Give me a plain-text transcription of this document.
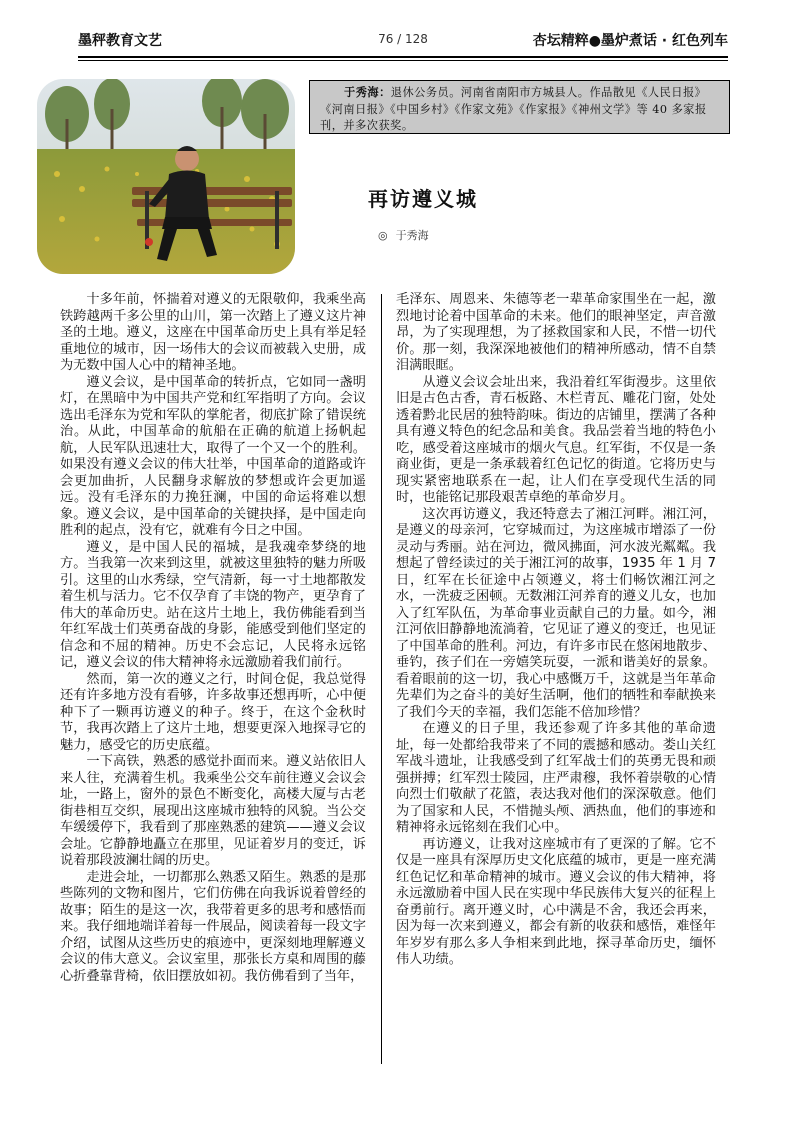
墨秤教育文艺	76 / 128	杏坛精粹●墨炉煮话 · 红色列车
于秀海：退休公务员。河南省南阳市方城县人。作品散见《人民日报》《河南日报》《中国乡村》《作家文苑》《作家报》《神州文学》等 40 多家报刊，并多次获奖。
再访遵义城
◎ 于秀海

十多年前，怀揣着对遵义的无限敬仰，我乘坐高铁跨越两千多公里的山川，第一次踏上了遵义这片神圣的土地。遵义，这座在中国革命历史上具有举足轻重地位的城市，因一场伟大的会议而被载入史册，成为无数中国人心中的精神圣地。

遵义会议，是中国革命的转折点，它如同一盏明灯，在黑暗中为中国共产党和红军指明了方向。会议选出毛泽东为党和军队的掌舵者，彻底扩除了错误统治。从此，中国革命的航船在正确的航道上扬帆起航，人民军队迅速壮大，取得了一个又一个的胜利。如果没有遵义会议的伟大壮举，中国革命的道路或许会更加曲折，人民翻身求解放的梦想或许会更加遥远。没有毛泽东的力挽狂澜，中国的命运将难以想象。遵义会议，是中国革命的关键抉择，是中国走向胜利的起点，没有它，就难有今日之中国。

遵义，是中国人民的福城，是我魂牵梦绕的地方。当我第一次来到这里，就被这里独特的魅力所吸引。这里的山水秀绿，空气清新，每一寸土地都散发着生机与活力。它不仅孕育了丰饶的物产，更孕育了伟大的革命历史。站在这片土地上，我仿佛能看到当年红军战士们英勇奋战的身影，能感受到他们坚定的信念和不屈的精神。历史不会忘记，人民将永远铭记，遵义会议的伟大精神将永远激励着我们前行。

然而，第一次的遵义之行，时间仓促，我总觉得还有许多地方没有看够，许多故事还想再听，心中便种下了一颗再访遵义的种子。终于，在这个金秋时节，我再次踏上了这片土地，想要更深入地探寻它的魅力，感受它的历史底蕴。

一下高铁，熟悉的感觉扑面而来。遵义站依旧人来人往，充满着生机。我乘坐公交车前往遵义会议会址，一路上，窗外的景色不断变化，高楼大厦与古老街巷相互交织，展现出这座城市独特的风貌。当公交车缓缓停下，我看到了那座熟悉的建筑——遵义会议会址。它静静地矗立在那里，见证着岁月的变迁，诉说着那段波澜壮阔的历史。

走进会址，一切都那么熟悉又陌生。熟悉的是那些陈列的文物和图片，它们仿佛在向我诉说着曾经的故事；陌生的是这一次，我带着更多的思考和感悟而来。我仔细地端详着每一件展品，阅读着每一段文字介绍，试图从这些历史的痕迹中，更深刻地理解遵义会议的伟大意义。会议室里，那张长方桌和周围的藤心折叠靠背椅，依旧摆放如初。我仿佛看到了当年，

毛泽东、周恩来、朱德等老一辈革命家围坐在一起，激烈地讨论着中国革命的未来。他们的眼神坚定，声音激昂，为了实现理想，为了拯救国家和人民，不惜一切代价。那一刻，我深深地被他们的精神所感动，情不自禁泪满眼眶。

从遵义会议会址出来，我沿着红军街漫步。这里依旧是古色古香，青石板路、木栏青瓦、雕花门窗，处处透着黔北民居的独特韵味。街边的店铺里，摆满了各种具有遵义特色的纪念品和美食。我品尝着当地的特色小吃，感受着这座城市的烟火气息。红军街，不仅是一条商业街，更是一条承载着红色记忆的街道。它将历史与现实紧密地联系在一起，让人们在享受现代生活的同时，也能铭记那段艰苦卓绝的革命岁月。

这次再访遵义，我还特意去了湘江河畔。湘江河，是遵义的母亲河，它穿城而过，为这座城市增添了一份灵动与秀丽。站在河边，微风拂面，河水波光粼粼。我想起了曾经读过的关于湘江河的故事，1935 年 1 月 7 日，红军在长征途中占领遵义，将士们畅饮湘江河之水，一洗疲乏困顿。无数湘江河养育的遵义儿女，也加入了红军队伍，为革命事业贡献自己的力量。如今，湘江河依旧静静地流淌着，它见证了遵义的变迁，也见证了中国革命的胜利。河边，有许多市民在悠闲地散步、垂钓，孩子们在一旁嬉笑玩耍，一派和谐美好的景象。看着眼前的这一切，我心中感慨万千，这就是当年革命先辈们为之奋斗的美好生活啊，他们的牺牲和奉献换来了我们今天的幸福，我们怎能不倍加珍惜？

在遵义的日子里，我还参观了许多其他的革命遗址，每一处都给我带来了不同的震撼和感动。娄山关红军战斗遗址，让我感受到了红军战士们的英勇无畏和顽强拼搏；红军烈士陵园，庄严肃穆，我怀着崇敬的心情向烈士们敬献了花篮，表达我对他们的深深敬意。他们为了国家和人民，不惜抛头颅、洒热血，他们的事迹和精神将永远铭刻在我们心中。

再访遵义，让我对这座城市有了更深的了解。它不仅是一座具有深厚历史文化底蕴的城市，更是一座充满红色记忆和革命精神的城市。遵义会议的伟大精神，将永远激励着中国人民在实现中华民族伟大复兴的征程上奋勇前行。离开遵义时，心中满是不舍，我还会再来，因为每一次来到遵义，都会有新的收获和感悟，难怪年年岁岁有那么多人争相来到此地，探寻革命历史，缅怀伟人功绩。
